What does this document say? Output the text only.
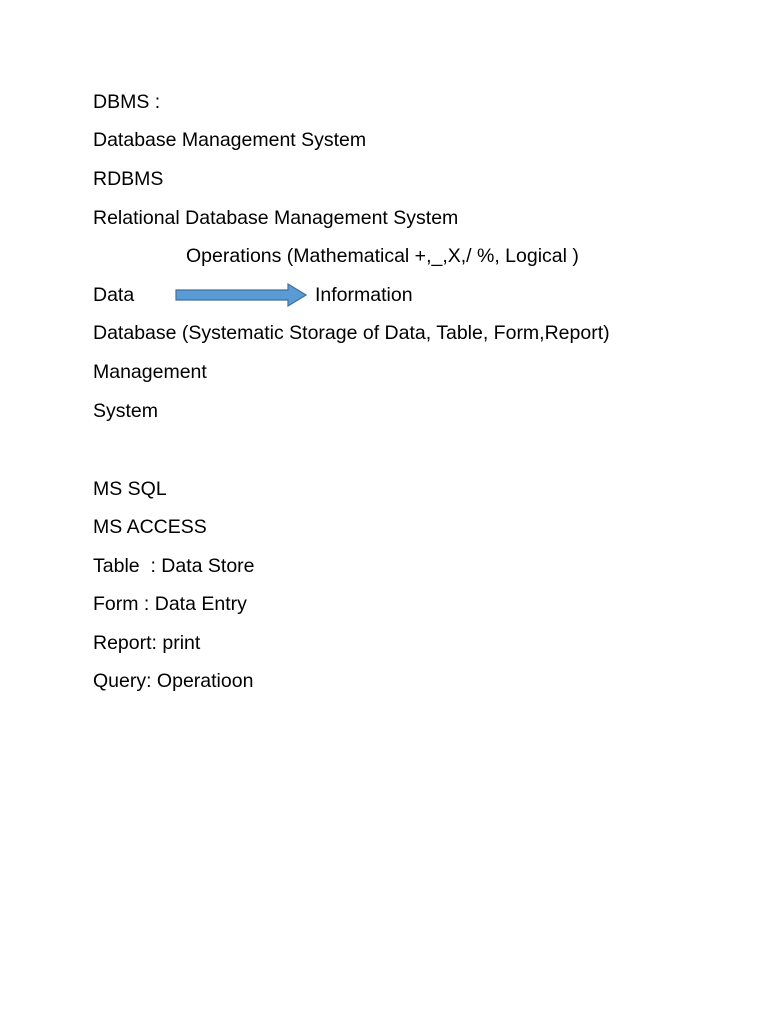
DBMS :
Database Management System
RDBMS
Relational Database Management System
Operations (Mathematical +,_,X,/ %, Logical )
Data	Information
Database (Systematic Storage of Data, Table, Form,Report)
Management
System
MS SQL
MS ACCESS
Table  : Data Store
Form : Data Entry
Report: print
Query: Operatioon
